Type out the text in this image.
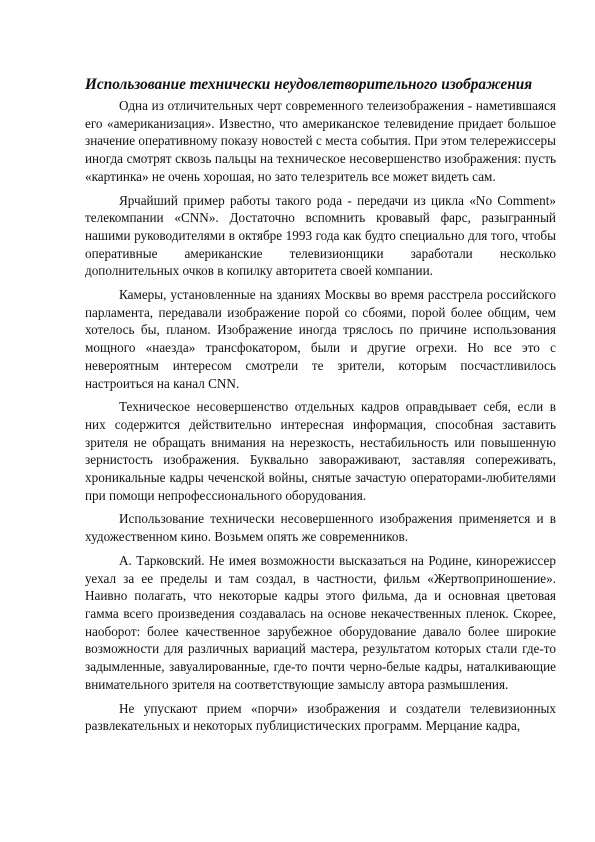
Использование технически неудовлетворительного изображения

Одна из отличительных черт современного телеизображения - наметившаяся его «американизация». Известно, что американское телевидение придает большое значение оперативному показу новостей с места события. При этом телережиссеры иногда смотрят сквозь пальцы на техническое несовершенство изображения: пусть «картинка» не очень хорошая, но зато телезритель все может видеть сам.

Ярчайший пример работы такого рода - передачи из цикла «No Comment» телекомпании «CNN». Достаточно вспомнить кровавый фарс, разыгранный нашими руководителями в октябре 1993 года как будто специально для того, чтобы оперативные американские телевизионщики заработали несколько дополнительных очков в копилку авторитета своей компании.

Камеры, установленные на зданиях Москвы во время расстрела российского парламента, передавали изображение порой со сбоями, порой более общим, чем хотелось бы, планом. Изображение иногда тряслось по причине использования мощного «наезда» трансфокатором, были и другие огрехи. Но все это с невероятным интересом смотрели те зрители, которым посчастливилось настроиться на канал CNN.

Техническое несовершенство отдельных кадров оправдывает себя, если в них содержится действительно интересная информация, способная заставить зрителя не обращать внимания на нерезкость, нестабильность или повышенную зернистость изображения. Буквально завораживают, заставляя сопереживать, хроникальные кадры чеченской войны, снятые зачастую операторами-любителями при помощи непрофессионального оборудования.

Использование технически несовершенного изображения применяется и в художественном кино. Возьмем опять же современников.

А. Тарковский. Не имея возможности высказаться на Родине, кинорежиссер уехал за ее пределы и там создал, в частности, фильм «Жертвоприношение». Наивно полагать, что некоторые кадры этого фильма, да и основная цветовая гамма всего произведения создавалась на основе некачественных пленок. Скорее, наоборот: более качественное зарубежное оборудование давало более широкие возможности для различных вариаций мастера, результатом которых стали где-то задымленные, завуалированные, где-то почти черно-белые кадры, наталкивающие внимательного зрителя на соответствующие замыслу автора размышления.

Не упускают прием «порчи» изображения и создатели телевизионных развлекательных и некоторых публицистических программ. Мерцание кадра,
